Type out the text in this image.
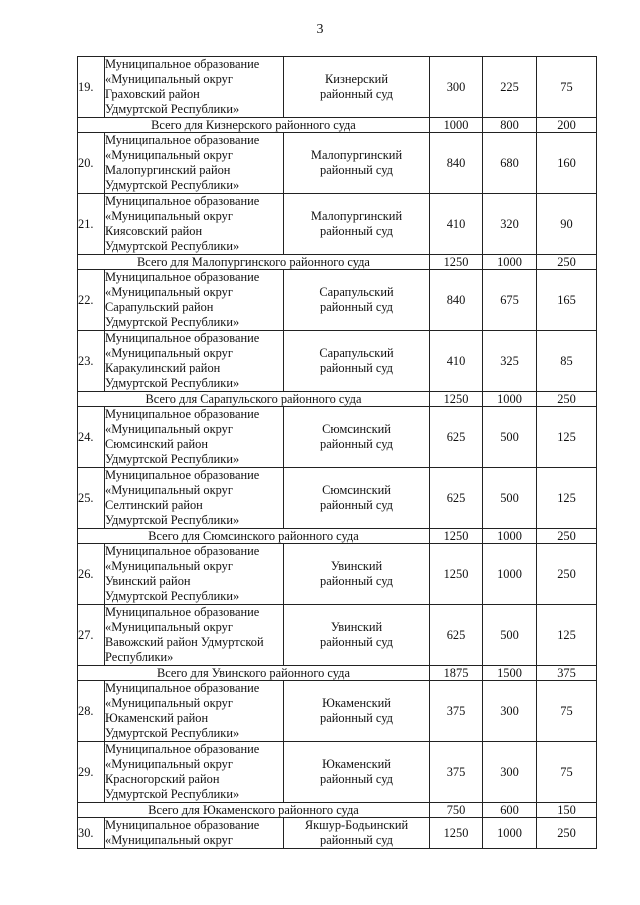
3
19.	Муниципальное образование
«Муниципальный округ
Граховский район
Удмуртской Республики»	Кизнерский
районный суд	300	225	75
Всего для Кизнерского районного суда			1000	800	200
20.	Муниципальное образование
«Муниципальный округ
Малопургинский район
Удмуртской Республики»	Малопургинский
районный суд	840	680	160
21.	Муниципальное образование
«Муниципальный округ
Киясовский район
Удмуртской Республики»	Малопургинский
районный суд	410	320	90
Всего для Малопургинского районного суда			1250	1000	250
22.	Муниципальное образование
«Муниципальный округ
Сарапульский район
Удмуртской Республики»	Сарапульский
районный суд	840	675	165
23.	Муниципальное образование
«Муниципальный округ
Каракулинский район
Удмуртской Республики»	Сарапульский
районный суд	410	325	85
Всего для Сарапульского районного суда			1250	1000	250
24.	Муниципальное образование
«Муниципальный округ
Сюмсинский район
Удмуртской Республики»	Сюмсинский
районный суд	625	500	125
25.	Муниципальное образование
«Муниципальный округ
Селтинский район
Удмуртской Республики»	Сюмсинский
районный суд	625	500	125
Всего для Сюмсинского районного суда			1250	1000	250
26.	Муниципальное образование
«Муниципальный округ
Увинский район
Удмуртской Республики»	Увинский
районный суд	1250	1000	250
27.	Муниципальное образование
«Муниципальный округ
Вавожский район Удмуртской
Республики»	Увинский
районный суд	625	500	125
Всего для Увинского районного суда			1875	1500	375
28.	Муниципальное образование
«Муниципальный округ
Юкаменский район
Удмуртской Республики»	Юкаменский
районный суд	375	300	75
29.	Муниципальное образование
«Муниципальный округ
Красногорский район
Удмуртской Республики»	Юкаменский
районный суд	375	300	75
Всего для Юкаменского районного суда			750	600	150
30.	Муниципальное образование
«Муниципальный округ	Якшур-Бодьинский
районный суд	1250	1000	250
